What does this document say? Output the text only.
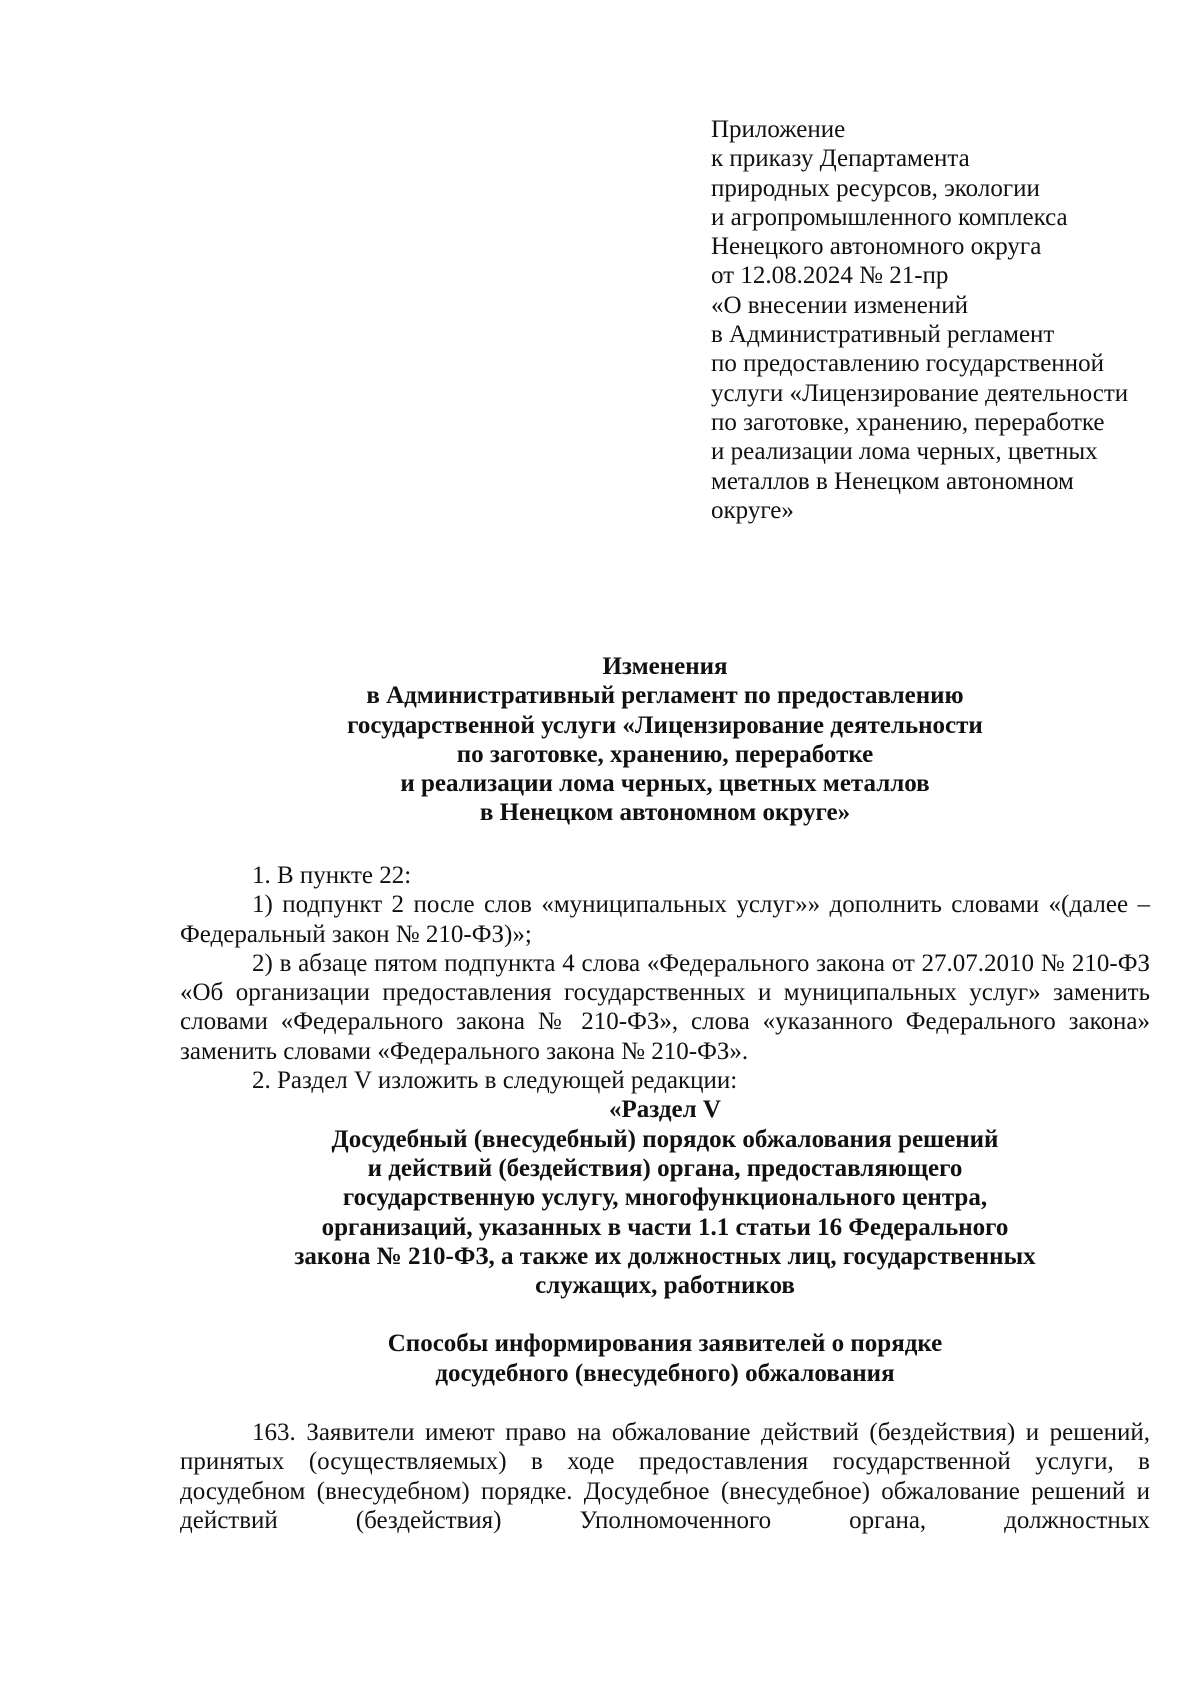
Приложение
к приказу Департамента
природных ресурсов, экологии
и агропромышленного комплекса
Ненецкого автономного округа
от 12.08.2024 № 21-пр
«О внесении изменений
в Административный регламент
по предоставлению государственной
услуги «Лицензирование деятельности
по заготовке, хранению, переработке
и реализации лома черных, цветных
металлов в Ненецком автономном
округе»
Изменения
в Административный регламент по предоставлению
государственной услуги «Лицензирование деятельности
по заготовке, хранению, переработке
и реализации лома черных, цветных металлов
в Ненецком автономном округе»

1. В пункте 22:

1) подпункт 2 после слов «муниципальных услуг»» дополнить словами «(далее – Федеральный закон № 210-ФЗ)»;

2) в абзаце пятом подпункта 4 слова «Федерального закона от 27.07.2010 № 210-ФЗ «Об организации предоставления государственных и муниципальных услуг» заменить словами «Федерального закона № 210-ФЗ», слова «указанного Федерального закона» заменить словами «Федерального закона № 210-ФЗ».

2. Раздел V изложить в следующей редакции:

«Раздел V
Досудебный (внесудебный) порядок обжалования решений
и действий (бездействия) органа, предоставляющего
государственную услугу, многофункционального центра,
организаций, указанных в части 1.1 статьи 16 Федерального
закона № 210-ФЗ, а также их должностных лиц, государственных
служащих, работников
Способы информирования заявителей о порядке
досудебного (внесудебного) обжалования

163. Заявители имеют право на обжалование действий (бездействия) и решений, принятых (осуществляемых) в ходе предоставления государственной услуги, в досудебном (внесудебном) порядке. Досудебное (внесудебное) обжалование решений и действий (бездействия) Уполномоченного органа, должностных
